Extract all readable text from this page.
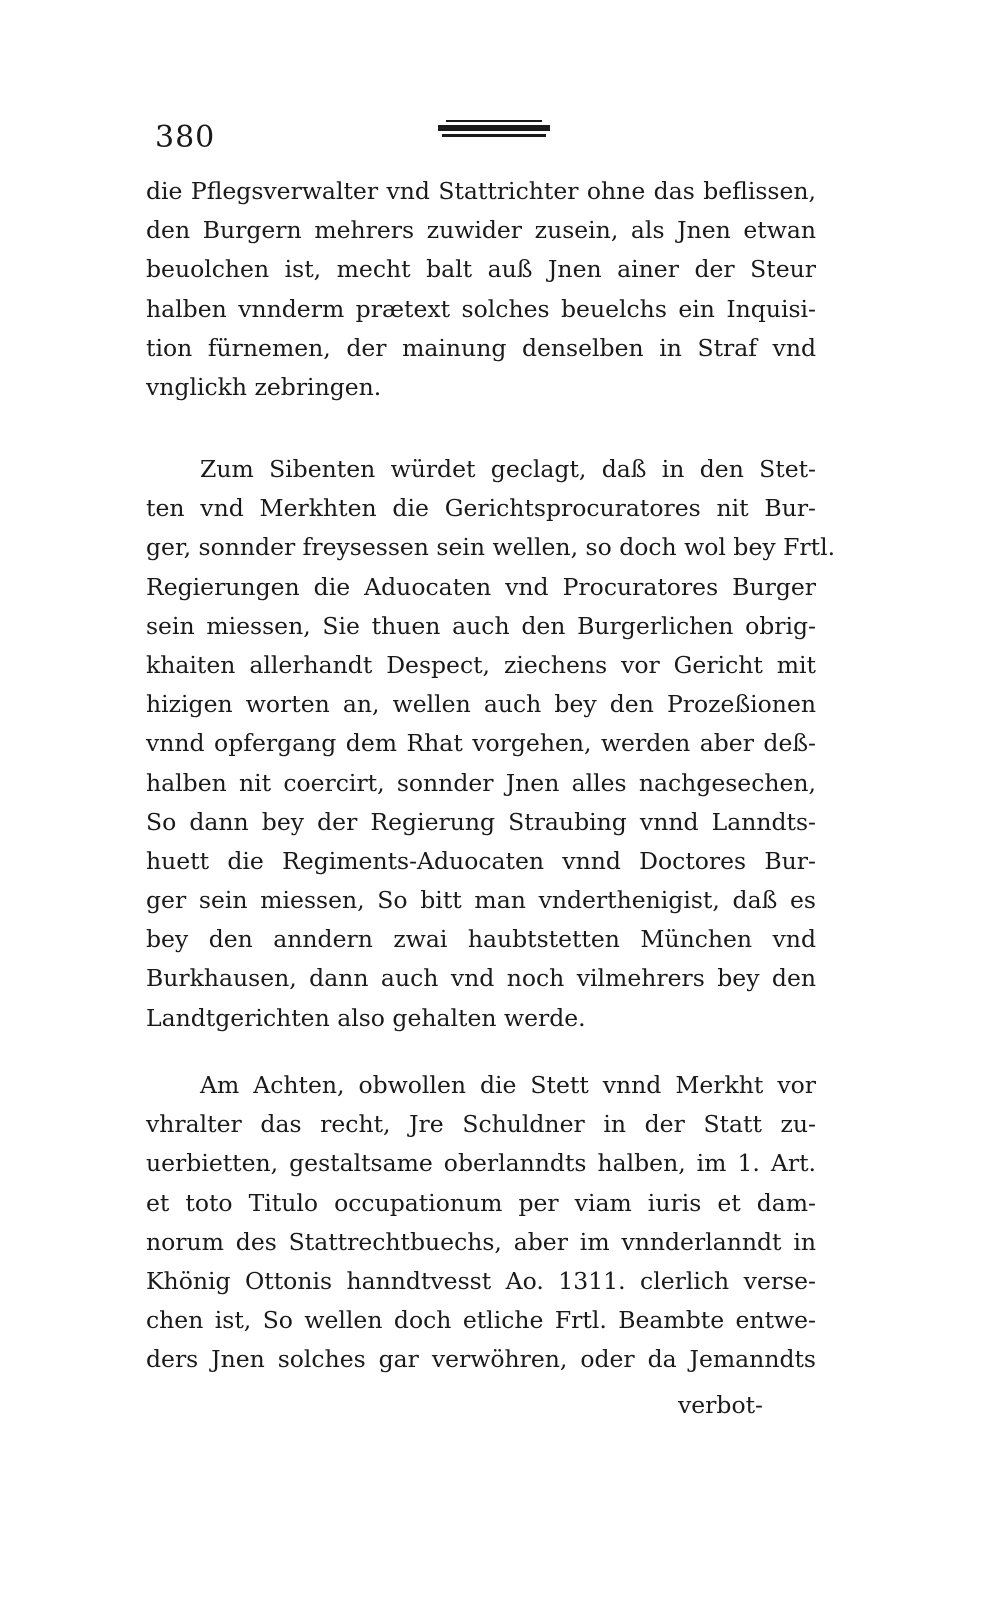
380
die Pflegsverwalter vnd Stattrichter ohne das beflissen,
den Burgern mehrers zuwider zusein, als Jnen etwan
beuolchen ist, mecht balt auß Jnen ainer der Steur
halben vnnderm prætext solches beuelchs ein Inquisi-
tion fürnemen, der mainung denselben in Straf vnd
vnglickh zebringen.
Zum Sibenten würdet geclagt, daß in den Stet-
ten vnd Merkhten die Gerichtsprocuratores nit Bur-
ger, sonnder freysessen sein wellen, so doch wol bey Frtl.
Regierungen die Aduocaten vnd Procuratores Burger
sein miessen, Sie thuen auch den Burgerlichen obrig-
khaiten allerhandt Despect, ziechens vor Gericht mit
hizigen worten an, wellen auch bey den Prozeßionen
vnnd opfergang dem Rhat vorgehen, werden aber deß-
halben nit coercirt, sonnder Jnen alles nachgesechen,
So dann bey der Regierung Straubing vnnd Lanndts-
huett die Regiments-Aduocaten vnnd Doctores Bur-
ger sein miessen, So bitt man vnderthenigist, daß es
bey den anndern zwai haubtstetten München vnd
Burkhausen, dann auch vnd noch vilmehrers bey den
Landtgerichten also gehalten werde.
Am Achten, obwollen die Stett vnnd Merkht vor
vhralter das recht, Jre Schuldner in der Statt zu-
uerbietten, gestaltsame oberlanndts halben, im 1. Art.
et toto Titulo occupationum per viam iuris et dam-
norum des Stattrechtbuechs, aber im vnnderlanndt in
Khönig Ottonis hanndtvesst Ao. 1311. clerlich verse-
chen ist, So wellen doch etliche Frtl. Beambte entwe-
ders Jnen solches gar verwöhren, oder da Jemanndts
verbot-
